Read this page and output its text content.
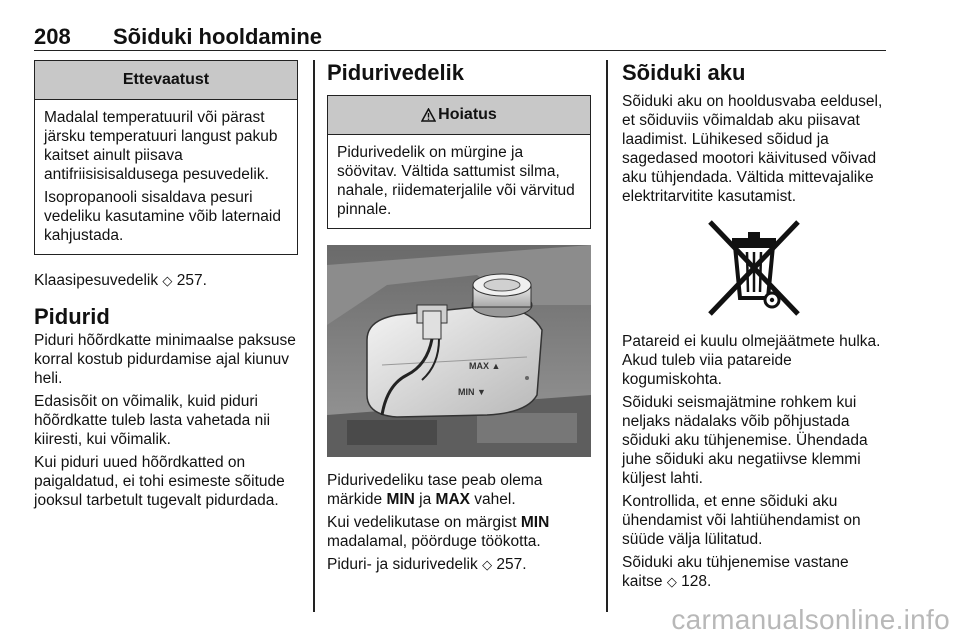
208 Sõiduki hooldamine
Ettevaatust

Madalal temperatuuril või pärast järsku temperatuuri langust pakub kaitset ainult piisava antifriisisisaldusega pesuvedelik.

Isopropanooli sisaldava pesuri vedeliku kasutamine võib laternaid kahjustada.

Klaasipesuvedelik ◇ 257.

Pidurid

Piduri hõõrdkatte minimaalse paksuse korral kostub pidurdamise ajal kiunuv heli.

Edasisõit on võimalik, kuid piduri hõõrdkatte tuleb lasta vahetada nii kiiresti, kui võimalik.

Kui piduri uued hõõrdkatted on paigaldatud, ei tohi esimeste sõitude jooksul tarbetult tugevalt pidurdada.

Pidurivedelik
Hoiatus

Pidurivedelik on mürgine ja söövitav. Vältida sattumist silma, nahale, riidematerjalile või värvitud pinnale.

MAX ▲
MIN ▼

Pidurivedeliku tase peab olema märkide MIN ja MAX vahel.

Kui vedelikutase on märgist MIN madalamal, pöörduge töökotta.

Piduri- ja sidurivedelik ◇ 257.

Sõiduki aku

Sõiduki aku on hooldusvaba eeldusel, et sõiduviis võimaldab aku piisavat laadimist. Lühikesed sõidud ja sagedased mootori käivitused võivad aku tühjendada. Vältida mittevajalike elektritarvitite kasutamist.

Patareid ei kuulu olmejäätmete hulka. Akud tuleb viia patareide kogumiskohta.

Sõiduki seismajätmine rohkem kui neljaks nädalaks võib põhjustada sõiduki aku tühjenemise. Ühendada juhe sõiduki aku negatiivse klemmi küljest lahti.

Kontrollida, et enne sõiduki aku ühendamist või lahtiühendamist on süüde välja lülitatud.

Sõiduki aku tühjenemise vastane kaitse ◇ 128.

carmanualsonline.info
